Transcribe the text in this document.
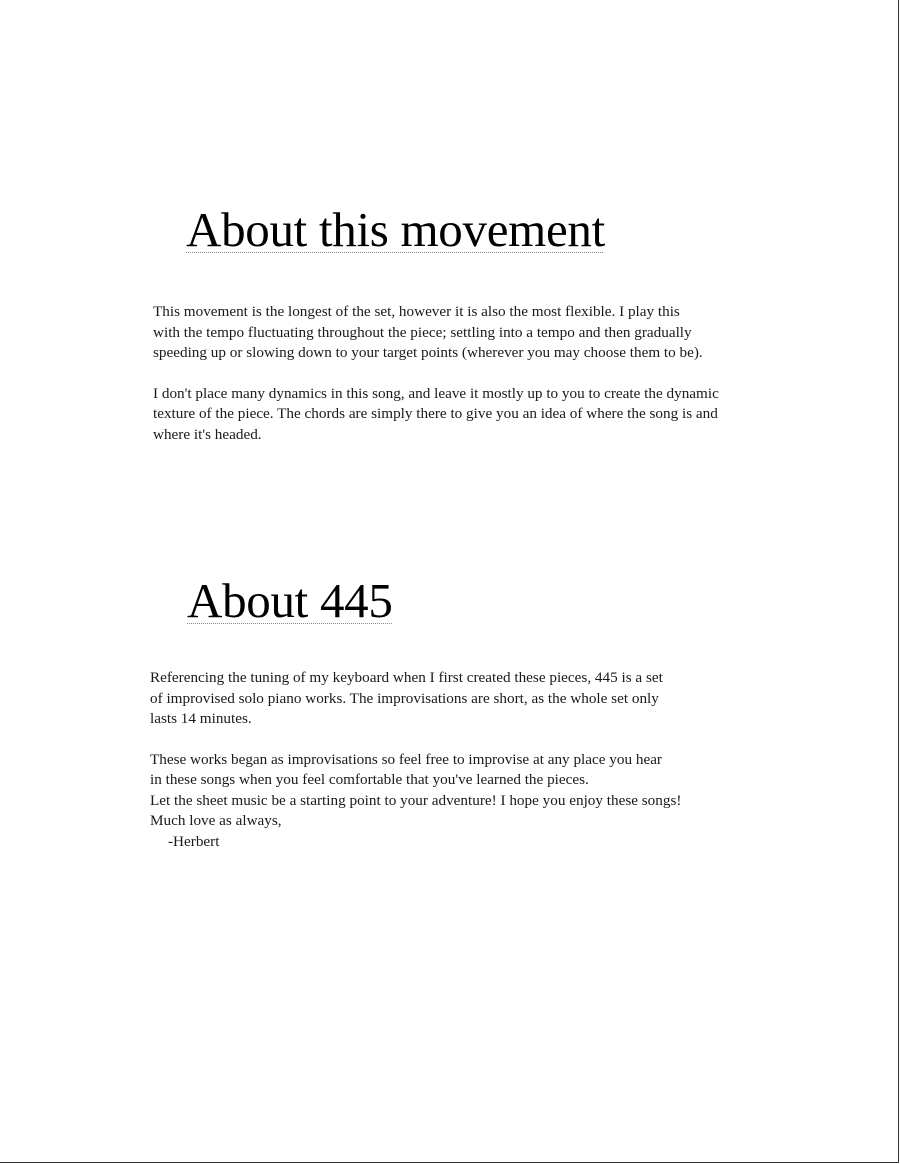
About this movement
This movement is the longest of the set, however it is also the most flexible. I play this
with the tempo fluctuating throughout the piece; settling into a tempo and then gradually
speeding up or slowing down to your target points (wherever you may choose them to be).
I don't place many dynamics in this song, and leave it mostly up to you to create the dynamic
texture of the piece. The chords are simply there to give you an idea of where the song is and
where it's headed.
About 445
Referencing the tuning of my keyboard when I first created these pieces, 445 is a set
of improvised solo piano works. The improvisations are short, as the whole set only
lasts 14 minutes.
These works began as improvisations so feel free to improvise at any place you hear
in these songs when you feel comfortable that you've learned the pieces.
Let the sheet music be a starting point to your adventure! I hope you enjoy these songs!
Much love as always,
-Herbert
